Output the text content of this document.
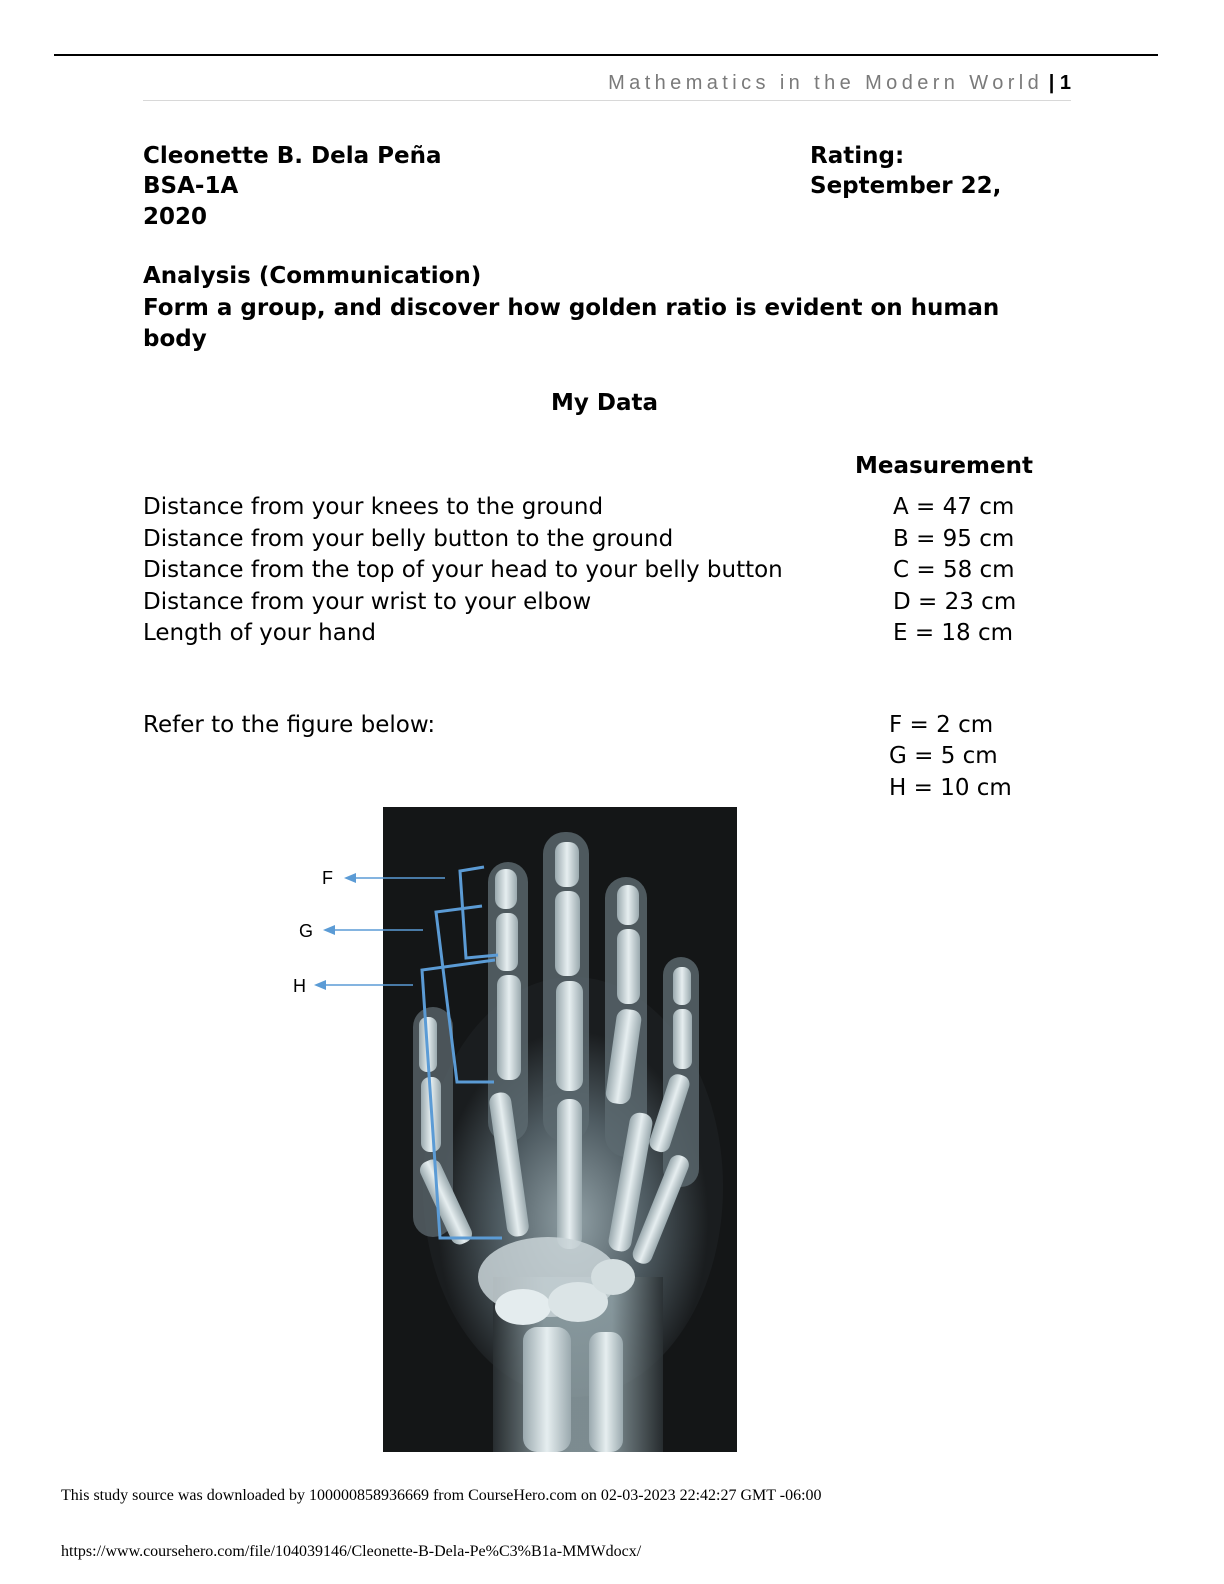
Mathematics in the Modern World | 1
Cleonette B. Dela Peña
BSA-1A
2020
Rating:
September 22,
Analysis (Communication)
Form a group, and discover how golden ratio is evident on human
body
My Data
Measurement
Distance from your knees to the ground
Distance from your belly button to the ground
Distance from the top of your head to your belly button
Distance from your wrist to your elbow
Length of your hand
A = 47 cm
B = 95 cm
C = 58 cm
D = 23 cm
E = 18 cm
Refer to the figure below:	F = 2 cm
G = 5 cm
H = 10 cm
F
G
H
This study source was downloaded by 100000858936669 from CourseHero.com on 02-03-2023 22:42:27 GMT -06:00
https://www.coursehero.com/file/104039146/Cleonette-B-Dela-Pe%C3%B1a-MMWdocx/
